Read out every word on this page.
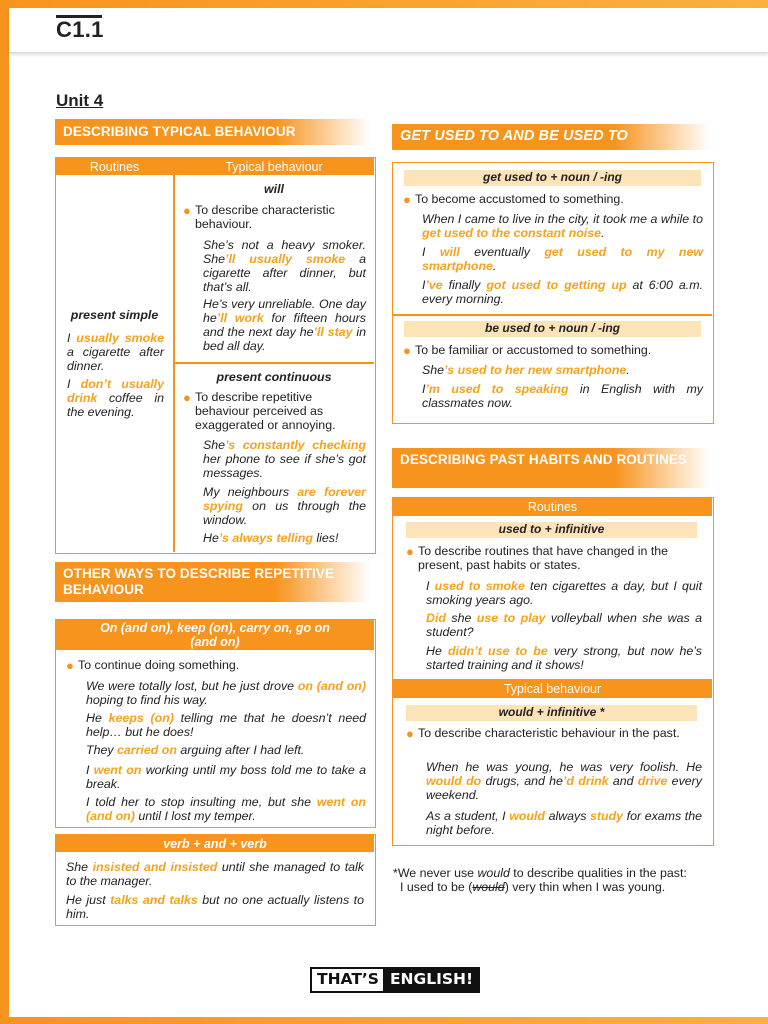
C1.1
Unit 4
DESCRIBING TYPICAL BEHAVIOUR
Routines	Typical behaviour
present simple
I usually smoke a cigarette after dinner.
I don’t usually drink coffee in the evening.
will
● To describe characteristic behaviour.
She’s not a heavy smoker. She’ll usually smoke a cigarette after dinner, but that’s all.
He’s very unreliable. One day he’ll work for fifteen hours and the next day he’ll stay in bed all day.
present continuous
● To describe repetitive behaviour perceived as exaggerated or annoying.
She’s constantly checking her phone to see if she’s got messages.
My neighbours are forever spying on us through the window.
He’s always telling lies!
OTHER WAYS TO DESCRIBE REPETITIVE BEHAVIOUR
On (and on), keep (on), carry on, go on (and on)
● To continue doing something.
We were totally lost, but he just drove on (and on) hoping to find his way.
He keeps (on) telling me that he doesn’t need help… but he does!
They carried on arguing after I had left.
I went on working until my boss told me to take a break.
I told her to stop insulting me, but she went on (and on) until I lost my temper.
verb + and + verb
She insisted and insisted until she managed to talk to the manager.
He just talks and talks but no one actually listens to him.
GET USED TO AND BE USED TO
get used to + noun / -ing
● To become accustomed to something.
When I came to live in the city, it took me a while to get used to the constant noise.
I will eventually get used to my new smartphone.
I’ve finally got used to getting up at 6:00 a.m. every morning.
be used to + noun / -ing
● To be familiar or accustomed to something.
She’s used to her new smartphone.
I’m used to speaking in English with my classmates now.
DESCRIBING PAST HABITS AND ROUTINES
Routines
used to + infinitive
● To describe routines that have changed in the present, past habits or states.
I used to smoke ten cigarettes a day, but I quit smoking years ago.
Did she use to play volleyball when she was a student?
He didn’t use to be very strong, but now he’s started training and it shows!
Typical behaviour
would + infinitive *
● To describe characteristic behaviour in the past.
When he was young, he was very foolish. He would do drugs, and he’d drink and drive every weekend.
As a student, I would always study for exams the night before.
*We never use would to describe qualities in the past:
I used to be (would) very thin when I was young.
THAT’S ENGLISH!
